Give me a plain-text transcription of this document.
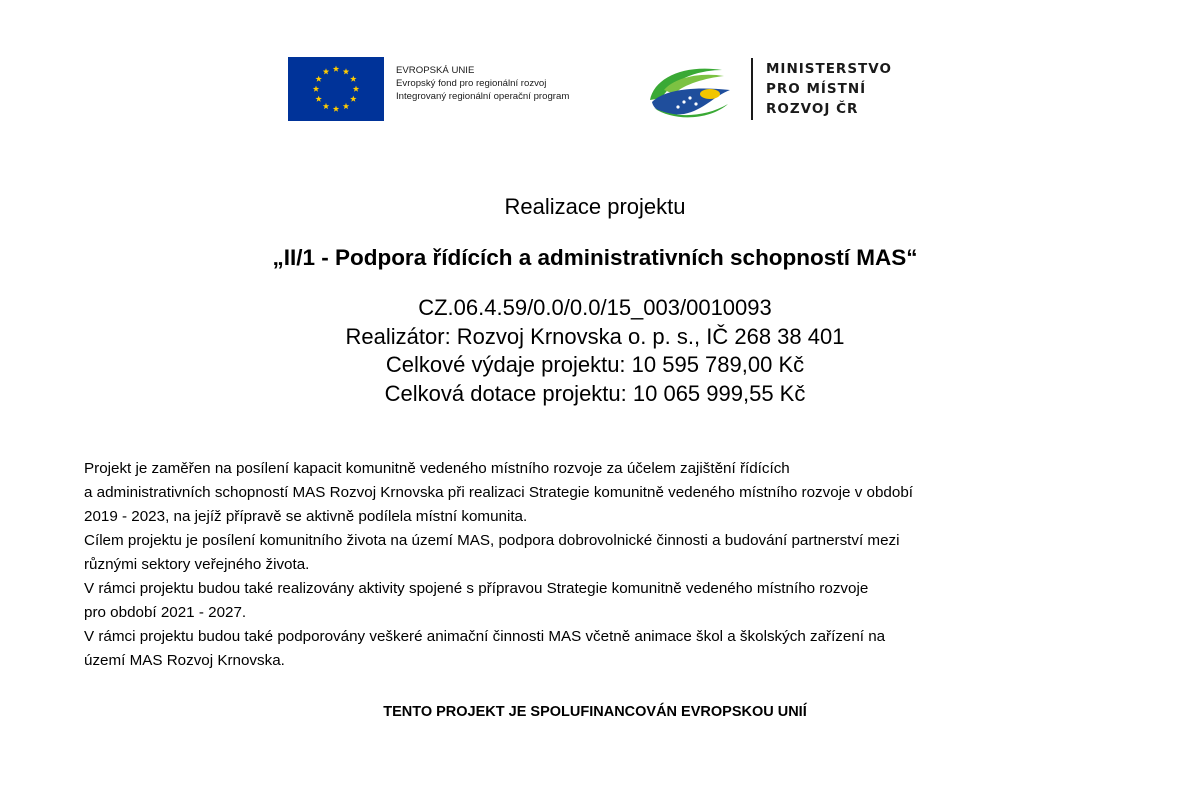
EVROPSKÁ UNIE
Evropský fond pro regionální rozvoj
Integrovaný regionální operační program
MINISTERSTVO
PRO MÍSTNÍ
ROZVOJ ČR
Realizace projektu
„II/1 - Podpora řídících a administrativních schopností MAS“
CZ.06.4.59/0.0/0.0/15_003/0010093
Realizátor: Rozvoj Krnovska o. p. s., IČ 268 38 401
Celkové výdaje projektu: 10 595 789,00 Kč
Celková dotace projektu: 10 065 999,55 Kč
Projekt je zaměřen na posílení kapacit komunitně vedeného místního rozvoje za účelem zajištění řídících
a administrativních schopností MAS Rozvoj Krnovska při realizaci Strategie komunitně vedeného místního rozvoje v období
2019 - 2023, na jejíž přípravě se aktivně podílela místní komunita.
Cílem projektu je posílení komunitního života na území MAS, podpora dobrovolnické činnosti a budování partnerství mezi
různými sektory veřejného života.
V rámci projektu budou také realizovány aktivity spojené s přípravou Strategie komunitně vedeného místního rozvoje
pro období 2021 - 2027.
V rámci projektu budou také podporovány veškeré animační činnosti MAS včetně animace škol a školských zařízení na
území MAS Rozvoj Krnovska.
TENTO PROJEKT JE SPOLUFINANCOVÁN EVROPSKOU UNIÍ
